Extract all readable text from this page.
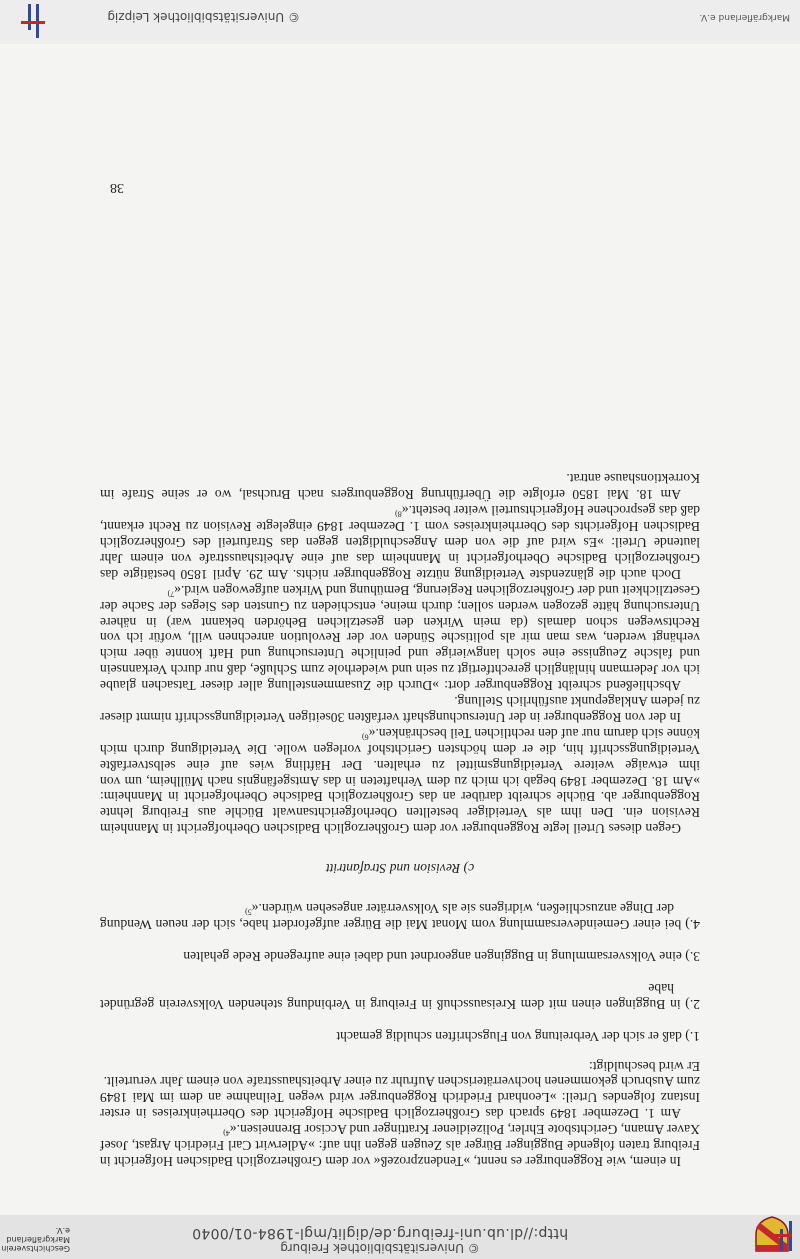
© Universitätsbibliothek Freiburg
http://dl.ub.uni-freiburg.de/diglit/mgl-1984-01/0040
Geschichtsverein
Markgräflerland e.V.

In einem, wie Roggenburger es nennt, »Tendenzprozeß« vor dem Großherzoglich Badischen Hofgericht in Freiburg traten folgende Bugginger Bürger als Zeugen gegen ihn auf: »Adlerwirt Carl Friedrich Argast, Josef Xaver Amann, Gerichtsbote Ehrler, Polizeidiener Krattinger und Accisor Brenneisen.«$^{4)}$

Am 1. Dezember 1849 sprach das Großherzoglich Badische Hofgericht des Oberrheinkreises in erster Instanz folgendes Urteil: »Leonhard Friedrich Roggenburger wird wegen Teilnahme an dem im Mai 1849 zum Ausbruch gekommenen hochverräterischen Aufruhr zu einer Arbeitshausstrafe von einem Jahr verurteilt.

Er wird beschuldigt:

1.) daß er sich der Verbreitung von Flugschriften schuldig gemacht

2.) in Buggingen einen mit dem Kreisausschuß in Freiburg in Verbindung stehenden Volksverein gegründet habe

3.) eine Volksversammlung in Buggingen angeordnet und dabei eine aufregende Rede gehalten

4.) bei einer Gemeindeversammlung vom Monat Mai die Bürger aufgefordert habe, sich der neuen Wendung der Dinge anzuschließen, widrigens sie als Volksverräter angesehen würden.«$^{5)}$

c) Revision und Strafantritt

Gegen dieses Urteil legte Roggenburger vor dem Großherzoglich Badischen Oberhofgericht in Mannheim Revision ein. Den ihm als Verteidiger bestellten Oberhofgerichtsanwalt Büchle aus Freiburg lehnte Roggenburger ab. Büchle schreibt darüber an das Großherzoglich Badische Oberhofgericht in Mannheim: »Am 18. Dezember 1849 begab ich mich zu dem Verhafteten in das Amtsgefängnis nach Müllheim, um von ihm etwaige weitere Verteidigungsmittel zu erhalten. Der Häftling wies auf eine selbstverfaßte Verteidigungsschrift hin, die er dem höchsten Gerichtshof vorlegen wolle. Die Verteidigung durch mich könne sich darum nur auf den rechtlichen Teil beschränken.«$^{6)}$

In der von Roggenburger in der Untersuchungshaft verfaßten 30seitigen Verteidigungsschrift nimmt dieser zu jedem Anklagepunkt ausführlich Stellung.

Abschließend schreibt Roggenburger dort: »Durch die Zusammenstellung aller dieser Tatsachen glaube ich vor Jedermann hinlänglich gerechtfertigt zu sein und wiederhole zum Schluße, daß nur durch Verkannsein und falsche Zeugnisse eine solch langwierige und peinliche Untersuchung und Haft konnte über mich verhängt werden, was man mir als politische Sünden vor der Revolution anrechnen will, wofür ich von Rechtswegen schon damals (da mein Wirken den gesetzlichen Behörden bekannt war) in nähere Untersuchung hätte gezogen werden sollen; durch meine, entschieden zu Gunsten des Sieges der Sache der Gesetzlichkeit und der Großherzoglichen Regierung, Bemühung und Wirken aufgewogen wird.«$^{7)}$

Doch auch die glänzendste Verteidigung nützte Roggenburger nichts. Am 29. April 1850 bestätigte das Großherzoglich Badische Oberhofgericht in Mannheim das auf eine Arbeitshausstrafe von einem Jahr lautende Urteil: »Es wird auf die von dem Angeschuldigten gegen das Strafurteil des Großherzoglich Badischen Hofgerichts des Oberrheinkreises vom 1. Dezember 1849 eingelegte Revision zu Recht erkannt, daß das gesprochene Hofgerichtsurteil weiter besteht.«$^{8)}$

Am 18. Mai 1850 erfolgte die Überführung Roggenburgers nach Bruchsal, wo er seine Strafe im Korrektionshause antrat.

38
Markgräflerland e.V.
© Universitätsbibliothek Leipzig
